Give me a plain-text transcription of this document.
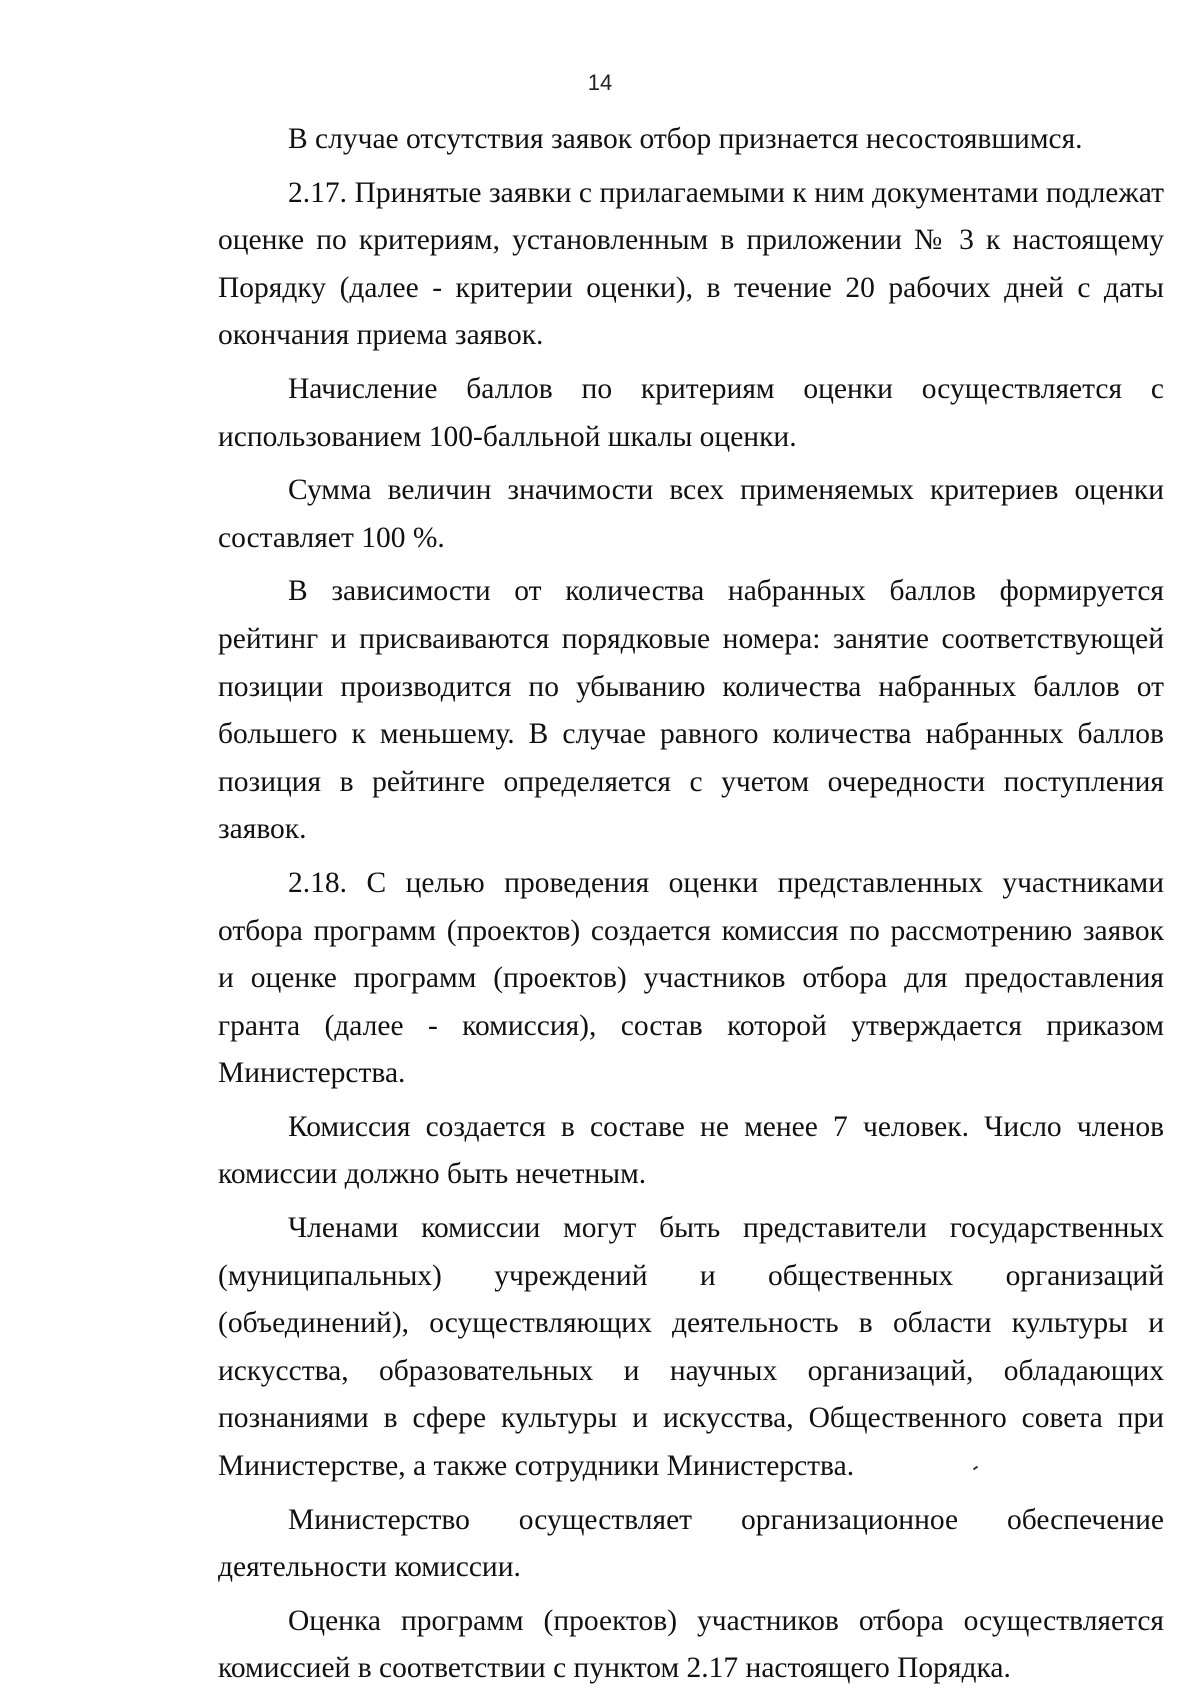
14

В случае отсутствия заявок отбор признается несостоявшимся.

2.17. Принятые заявки с прилагаемыми к ним документами подлежат оценке по критериям, установленным в приложении № 3 к настоящему Порядку (далее - критерии оценки), в течение 20 рабочих дней с даты окончания приема заявок.

Начисление баллов по критериям оценки осуществляется с использованием 100-балльной шкалы оценки.

Сумма величин значимости всех применяемых критериев оценки составляет 100 %.

В зависимости от количества набранных баллов формируется рейтинг и присваиваются порядковые номера: занятие соответствующей позиции производится по убыванию количества набранных баллов от большего к меньшему. В случае равного количества набранных баллов позиция в рейтинге определяется с учетом очередности поступления заявок.

2.18. С целью проведения оценки представленных участниками отбора программ (проектов) создается комиссия по рассмотрению заявок и оценке программ (проектов) участников отбора для предоставления гранта (далее - комиссия), состав которой утверждается приказом Министерства.

Комиссия создается в составе не менее 7 человек. Число членов комиссии должно быть нечетным.

Членами комиссии могут быть представители государственных (муниципальных) учреждений и общественных организаций (объединений), осуществляющих деятельность в области культуры и искусства, образовательных и научных организаций, обладающих познаниями в сфере культуры и искусства, Общественного совета при Министерстве, а также сотрудники Министерства.

Министерство осуществляет организационное обеспечение деятельности комиссии.

Оценка программ (проектов) участников отбора осуществляется комиссией в соответствии с пунктом 2.17 настоящего Порядка.
